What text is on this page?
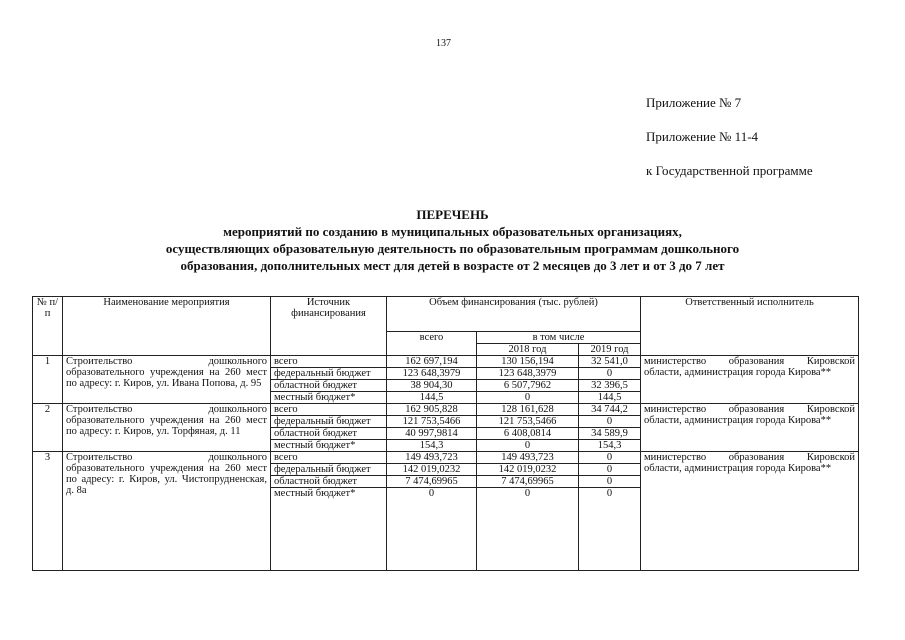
137
Приложение № 7
Приложение № 11-4
к Государственной программе
ПЕРЕЧЕНЬ
мероприятий по созданию в муниципальных образовательных организациях,
осуществляющих образовательную деятельность по образовательным программам дошкольного
образования, дополнительных мест для детей в возрасте от 2 месяцев до 3 лет и от 3 до 7 лет
№ п/п	Наименование мероприятия	Источник финансирования	Объем финансирования (тыс. рублей)			Ответственный исполнитель
			всего	в том числе		
				2018 год	2019 год	
1	Строительство дошкольного образовательного учреждения на 260 мест по адресу: г. Киров, ул. Ивана Попова, д. 95	всего	162 697,194	130 156,194	32 541,0	министерство образования Кировской области, администрация города Кирова**
		федеральный бюджет	123 648,3979	123 648,3979	0	
		областной бюджет	38 904,30	6 507,7962	32 396,5	
		местный бюджет*	144,5	0	144,5	
2	Строительство дошкольного образовательного учреждения на 260 мест по адресу: г. Киров, ул. Торфяная, д. 11	всего	162 905,828	128 161,628	34 744,2	министерство образования Кировской области, администрация города Кирова**
		федеральный бюджет	121 753,5466	121 753,5466	0	
		областной бюджет	40 997,9814	6 408,0814	34 589,9	
		местный бюджет*	154,3	0	154,3	
3	Строительство дошкольного образовательного учреждения на 260 мест по адресу: г. Киров, ул. Чистопрудненская, д. 8а	всего	149 493,723	149 493,723	0	министерство образования Кировской области, администрация города Кирова**
		федеральный бюджет	142 019,0232	142 019,0232	0	
		областной бюджет	7 474,69965	7 474,69965	0	
		местный бюджет*	0	0	0	
